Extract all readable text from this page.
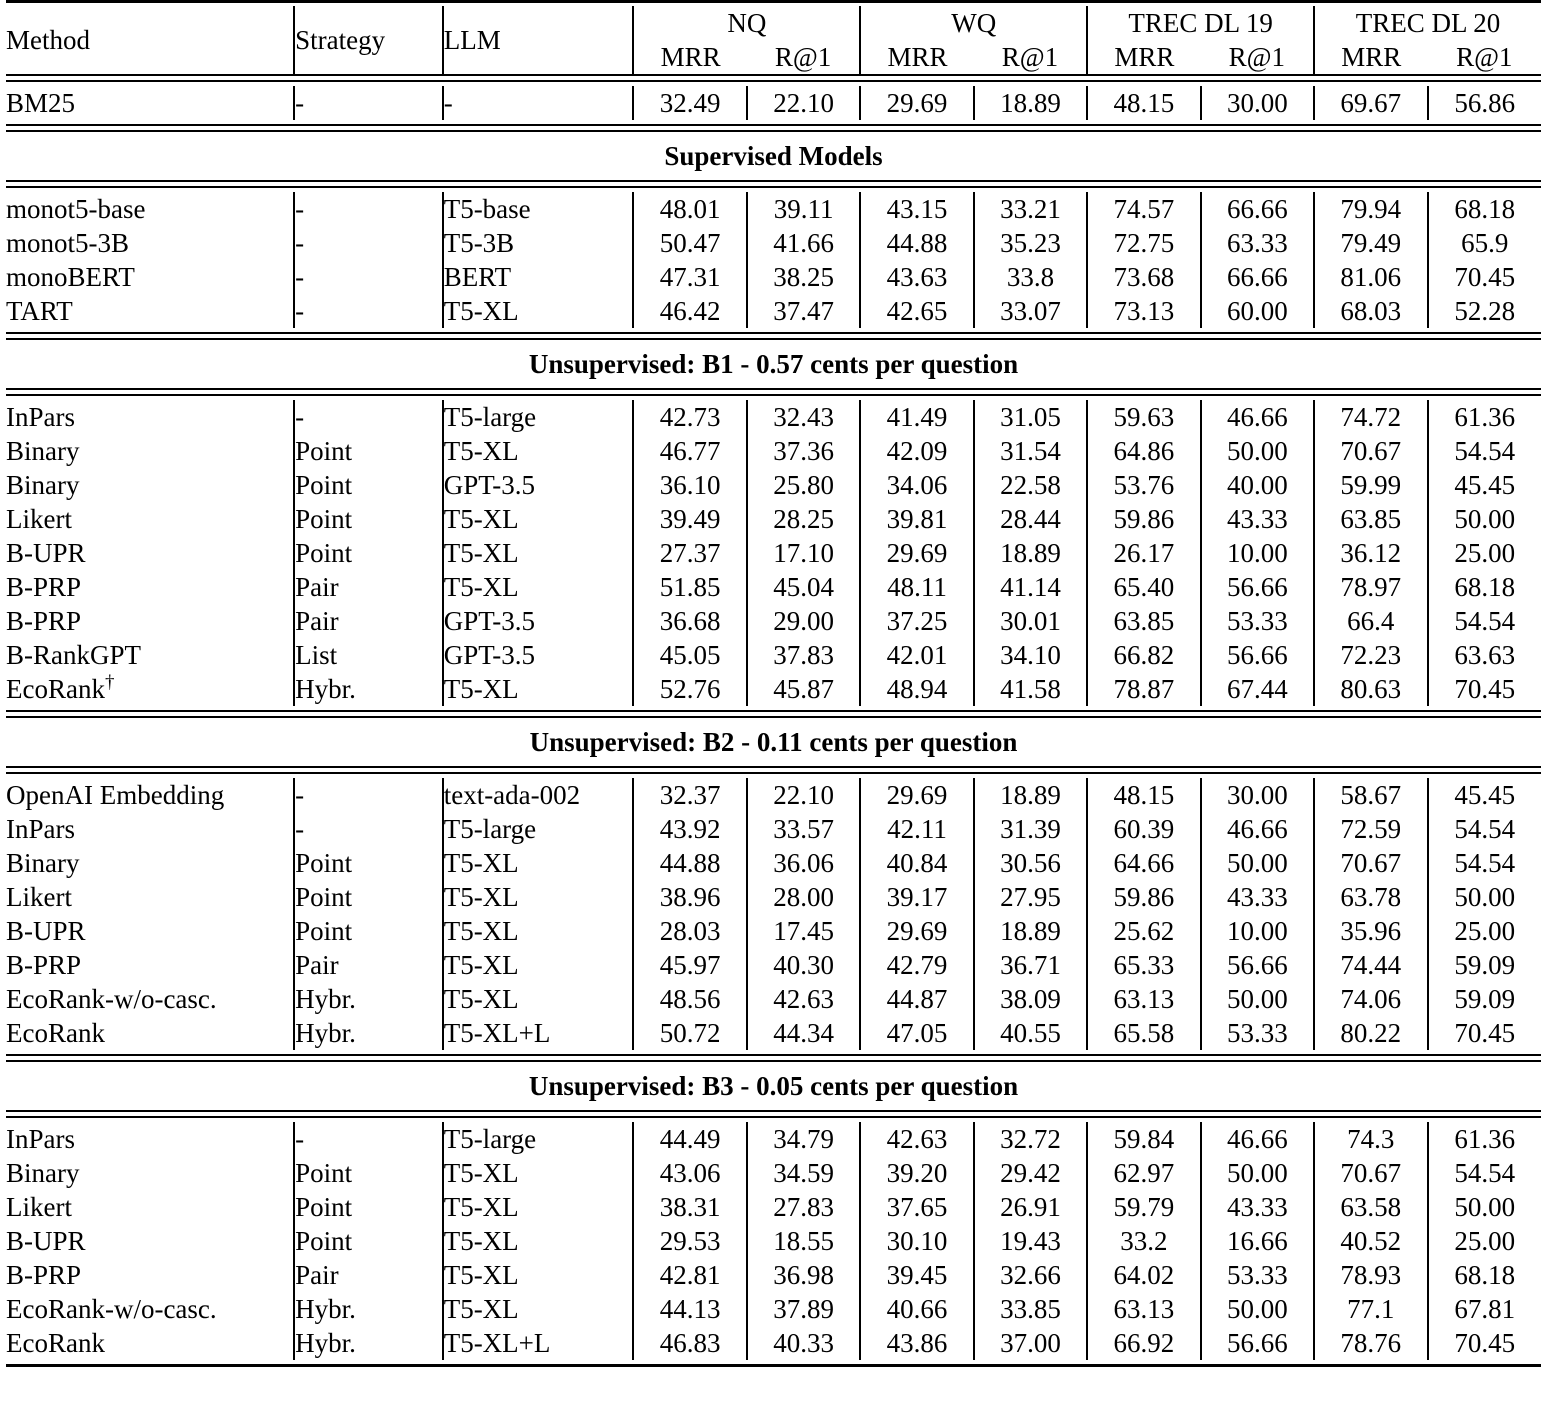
Method	Strategy	LLM	NQ		WQ		TREC DL 19		TREC DL 20	
			MRR	R@1	MRR	R@1	MRR	R@1	MRR	R@1

BM25	-	-	32.49	22.10	29.69	18.89	48.15	30.00	69.67	56.86

Supervised Models										

monot5-base	-	T5-base	48.01	39.11	43.15	33.21	74.57	66.66	79.94	68.18
monot5-3B	-	T5-3B	50.47	41.66	44.88	35.23	72.75	63.33	79.49	65.9
monoBERT	-	BERT	47.31	38.25	43.63	33.8	73.68	66.66	81.06	70.45
TART	-	T5-XL	46.42	37.47	42.65	33.07	73.13	60.00	68.03	52.28

Unsupervised: B1 - 0.57 cents per question										

InPars	-	T5-large	42.73	32.43	41.49	31.05	59.63	46.66	74.72	61.36
Binary	Point	T5-XL	46.77	37.36	42.09	31.54	64.86	50.00	70.67	54.54
Binary	Point	GPT-3.5	36.10	25.80	34.06	22.58	53.76	40.00	59.99	45.45
Likert	Point	T5-XL	39.49	28.25	39.81	28.44	59.86	43.33	63.85	50.00
B-UPR	Point	T5-XL	27.37	17.10	29.69	18.89	26.17	10.00	36.12	25.00
B-PRP	Pair	T5-XL	51.85	45.04	48.11	41.14	65.40	56.66	78.97	68.18
B-PRP	Pair	GPT-3.5	36.68	29.00	37.25	30.01	63.85	53.33	66.4	54.54
B-RankGPT	List	GPT-3.5	45.05	37.83	42.01	34.10	66.82	56.66	72.23	63.63
EcoRank†	Hybr.	T5-XL	52.76	45.87	48.94	41.58	78.87	67.44	80.63	70.45

Unsupervised: B2 - 0.11 cents per question										

OpenAI Embedding	-	text-ada-002	32.37	22.10	29.69	18.89	48.15	30.00	58.67	45.45
InPars	-	T5-large	43.92	33.57	42.11	31.39	60.39	46.66	72.59	54.54
Binary	Point	T5-XL	44.88	36.06	40.84	30.56	64.66	50.00	70.67	54.54
Likert	Point	T5-XL	38.96	28.00	39.17	27.95	59.86	43.33	63.78	50.00
B-UPR	Point	T5-XL	28.03	17.45	29.69	18.89	25.62	10.00	35.96	25.00
B-PRP	Pair	T5-XL	45.97	40.30	42.79	36.71	65.33	56.66	74.44	59.09
EcoRank-w/o-casc.	Hybr.	T5-XL	48.56	42.63	44.87	38.09	63.13	50.00	74.06	59.09
EcoRank	Hybr.	T5-XL+L	50.72	44.34	47.05	40.55	65.58	53.33	80.22	70.45

Unsupervised: B3 - 0.05 cents per question										

InPars	-	T5-large	44.49	34.79	42.63	32.72	59.84	46.66	74.3	61.36
Binary	Point	T5-XL	43.06	34.59	39.20	29.42	62.97	50.00	70.67	54.54
Likert	Point	T5-XL	38.31	27.83	37.65	26.91	59.79	43.33	63.58	50.00
B-UPR	Point	T5-XL	29.53	18.55	30.10	19.43	33.2	16.66	40.52	25.00
B-PRP	Pair	T5-XL	42.81	36.98	39.45	32.66	64.02	53.33	78.93	68.18
EcoRank-w/o-casc.	Hybr.	T5-XL	44.13	37.89	40.66	33.85	63.13	50.00	77.1	67.81
EcoRank	Hybr.	T5-XL+L	46.83	40.33	43.86	37.00	66.92	56.66	78.76	70.45
